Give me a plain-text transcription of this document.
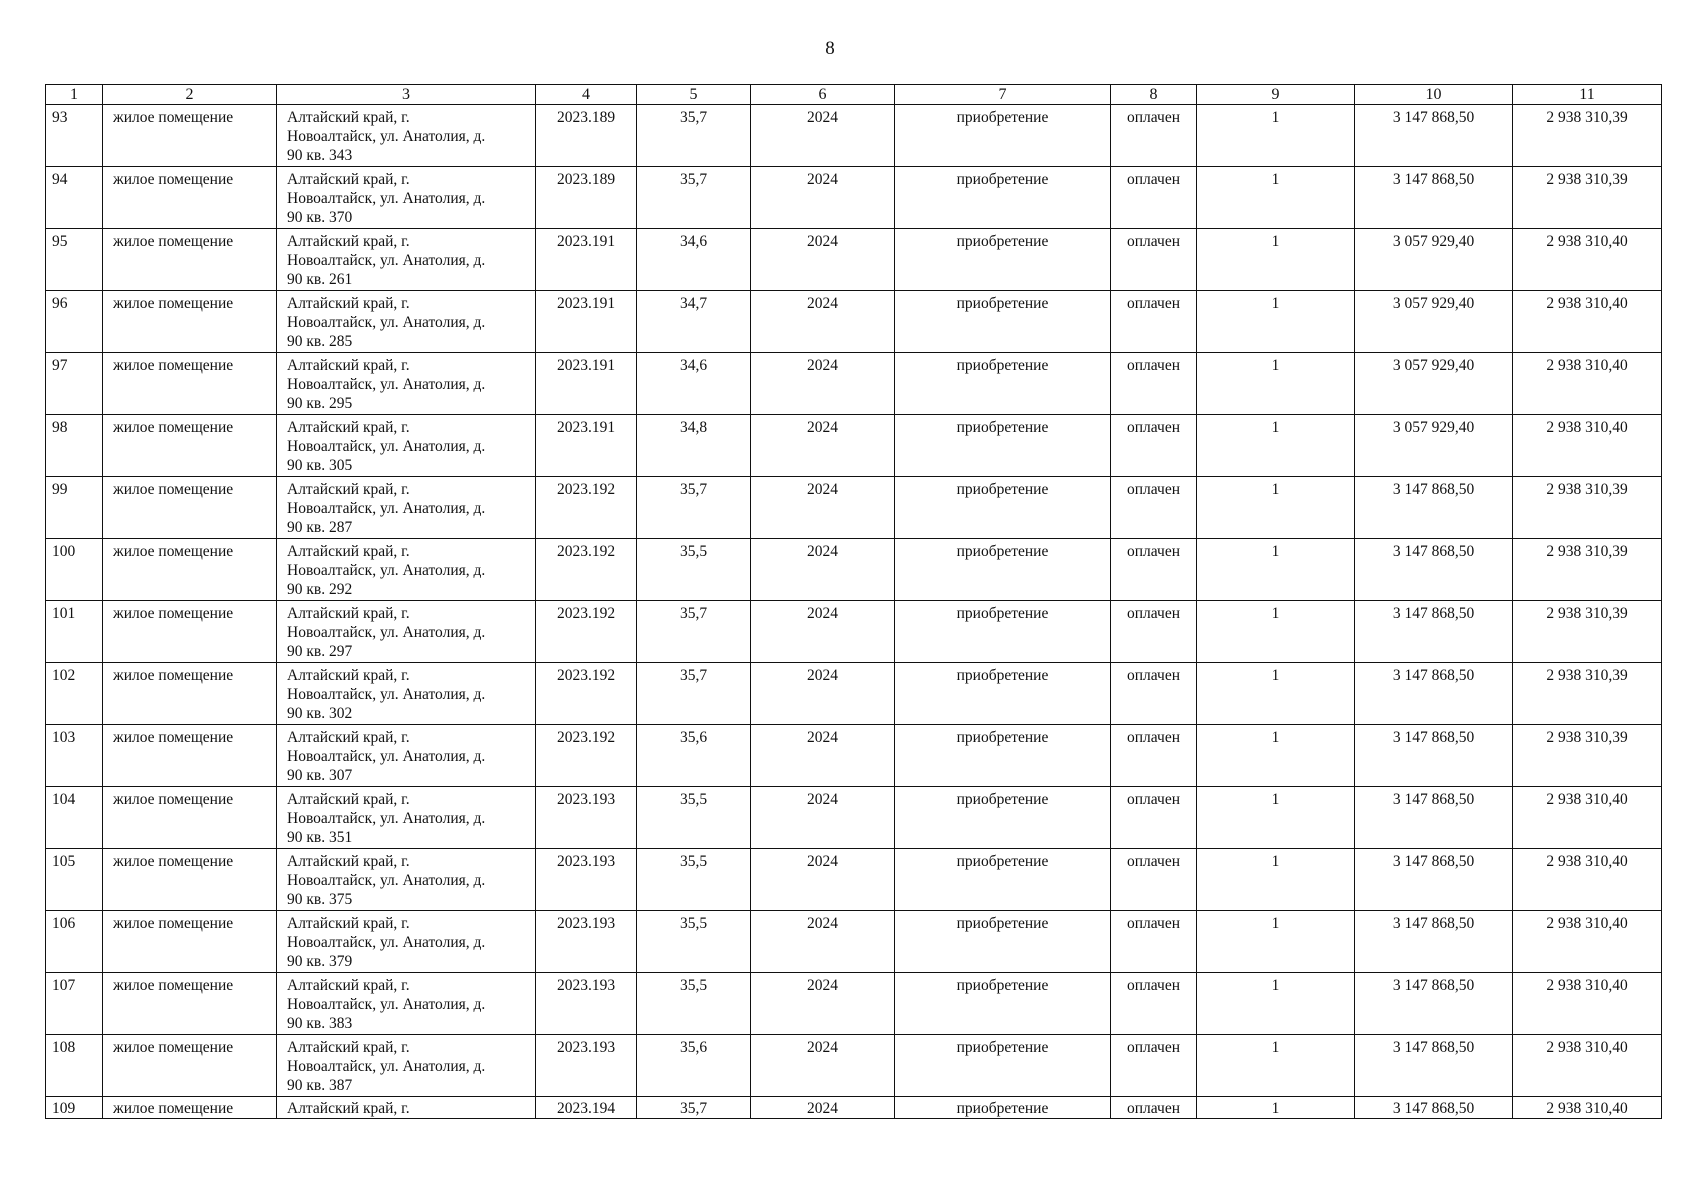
8
1	2	3	4	5	6	7	8	9	10	11
93	жилое помещение	Алтайский край, г.
Новоалтайск, ул. Анатолия, д.
90 кв. 343	2023.189	35,7	2024	приобретение	оплачен	1	3 147 868,50	2 938 310,39
94	жилое помещение	Алтайский край, г.
Новоалтайск, ул. Анатолия, д.
90 кв. 370	2023.189	35,7	2024	приобретение	оплачен	1	3 147 868,50	2 938 310,39
95	жилое помещение	Алтайский край, г.
Новоалтайск, ул. Анатолия, д.
90 кв. 261	2023.191	34,6	2024	приобретение	оплачен	1	3 057 929,40	2 938 310,40
96	жилое помещение	Алтайский край, г.
Новоалтайск, ул. Анатолия, д.
90 кв. 285	2023.191	34,7	2024	приобретение	оплачен	1	3 057 929,40	2 938 310,40
97	жилое помещение	Алтайский край, г.
Новоалтайск, ул. Анатолия, д.
90 кв. 295	2023.191	34,6	2024	приобретение	оплачен	1	3 057 929,40	2 938 310,40
98	жилое помещение	Алтайский край, г.
Новоалтайск, ул. Анатолия, д.
90 кв. 305	2023.191	34,8	2024	приобретение	оплачен	1	3 057 929,40	2 938 310,40
99	жилое помещение	Алтайский край, г.
Новоалтайск, ул. Анатолия, д.
90 кв. 287	2023.192	35,7	2024	приобретение	оплачен	1	3 147 868,50	2 938 310,39
100	жилое помещение	Алтайский край, г.
Новоалтайск, ул. Анатолия, д.
90 кв. 292	2023.192	35,5	2024	приобретение	оплачен	1	3 147 868,50	2 938 310,39
101	жилое помещение	Алтайский край, г.
Новоалтайск, ул. Анатолия, д.
90 кв. 297	2023.192	35,7	2024	приобретение	оплачен	1	3 147 868,50	2 938 310,39
102	жилое помещение	Алтайский край, г.
Новоалтайск, ул. Анатолия, д.
90 кв. 302	2023.192	35,7	2024	приобретение	оплачен	1	3 147 868,50	2 938 310,39
103	жилое помещение	Алтайский край, г.
Новоалтайск, ул. Анатолия, д.
90 кв. 307	2023.192	35,6	2024	приобретение	оплачен	1	3 147 868,50	2 938 310,39
104	жилое помещение	Алтайский край, г.
Новоалтайск, ул. Анатолия, д.
90 кв. 351	2023.193	35,5	2024	приобретение	оплачен	1	3 147 868,50	2 938 310,40
105	жилое помещение	Алтайский край, г.
Новоалтайск, ул. Анатолия, д.
90 кв. 375	2023.193	35,5	2024	приобретение	оплачен	1	3 147 868,50	2 938 310,40
106	жилое помещение	Алтайский край, г.
Новоалтайск, ул. Анатолия, д.
90 кв. 379	2023.193	35,5	2024	приобретение	оплачен	1	3 147 868,50	2 938 310,40
107	жилое помещение	Алтайский край, г.
Новоалтайск, ул. Анатолия, д.
90 кв. 383	2023.193	35,5	2024	приобретение	оплачен	1	3 147 868,50	2 938 310,40
108	жилое помещение	Алтайский край, г.
Новоалтайск, ул. Анатолия, д.
90 кв. 387	2023.193	35,6	2024	приобретение	оплачен	1	3 147 868,50	2 938 310,40
109	жилое помещение	Алтайский край, г.	2023.194	35,7	2024	приобретение	оплачен	1	3 147 868,50	2 938 310,40
